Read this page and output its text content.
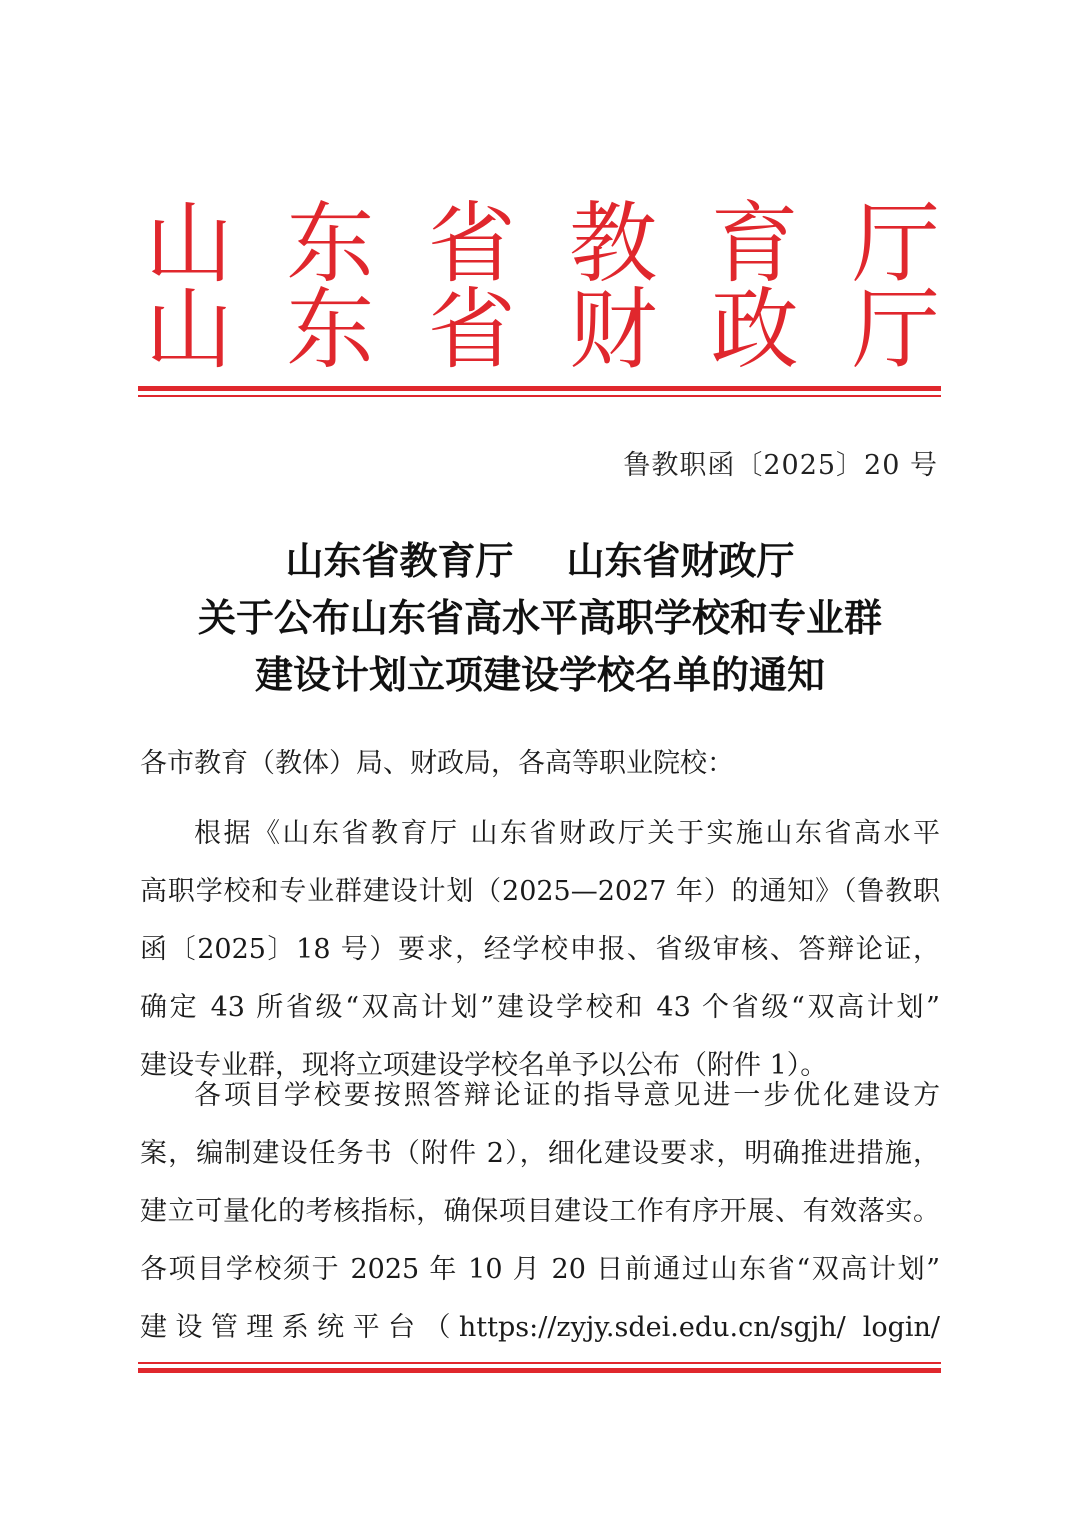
山 东 省 教 育 厅
山 东 省 财 政 厅
鲁教职函〔2025〕20 号
山东省教育厅    山东省财政厅
关于公布山东省高水平高职学校和专业群
建设计划立项建设学校名单的通知
各市教育（教体）局、财政局，各高等职业院校：
根据《山东省教育厅 山东省财政厅关于实施山东省高水平
高职学校和专业群建设计划（2025—2027 年）的通知》（鲁教职
函〔2025〕18 号）要求，经学校申报、省级审核、答辩论证，
确定 43 所省级“双高计划”建设学校和 43 个省级“双高计划”
建设专业群，现将立项建设学校名单予以公布（附件 1）。
各项目学校要按照答辩论证的指导意见进一步优化建设方
案，编制建设任务书（附件 2），细化建设要求，明确推进措施，
建立可量化的考核指标，确保项目建设工作有序开展、有效落实。
各项目学校须于 2025 年 10 月 20 日前通过山东省“双高计划”
建设管理系统平台（https://zyjy.sdei.edu.cn/sgjh/ login/
